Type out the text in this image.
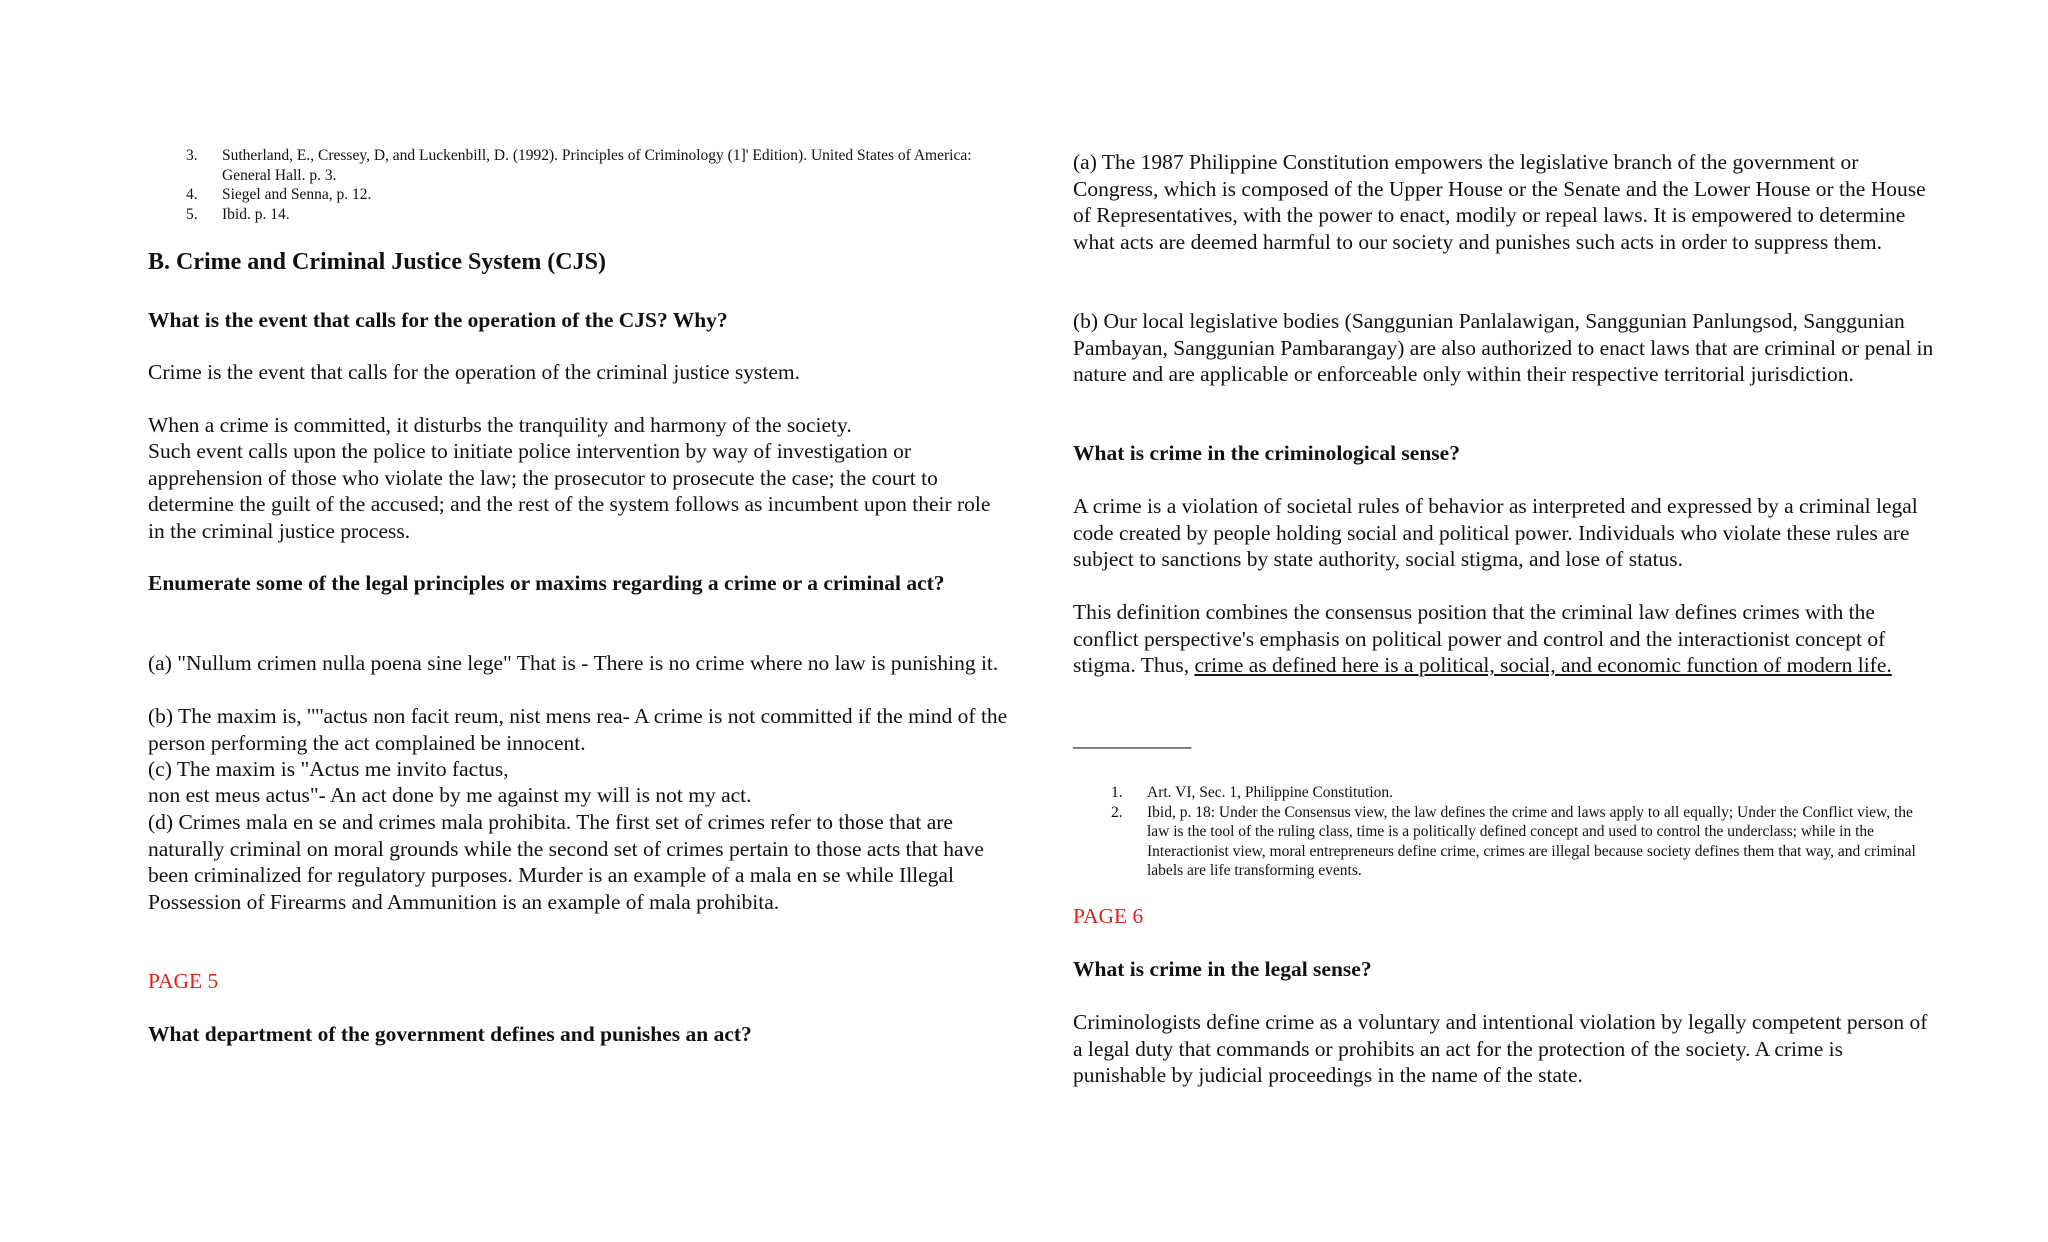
3. Sutherland, E., Cressey, D, and Luckenbill, D. (1992). Principles of Criminology (1]' Edition). United States of America: General Hall. p. 3.
4. Siegel and Senna, p. 12.
5. Ibid. p. 14.
B. Crime and Criminal Justice System (CJS)

What is the event that calls for the operation of the CJS? Why?

Crime is the event that calls for the operation of the criminal justice system.

When a crime is committed, it disturbs the tranquility and harmony of the society.

Such event calls upon the police to initiate police intervention by way of investigation or apprehension of those who violate the law; the prosecutor to prosecute the case; the court to determine the guilt of the accused; and the rest of the system follows as incumbent upon their role in the criminal justice process.

Enumerate some of the legal principles or maxims regarding a crime or a criminal act?

(a) "Nullum crimen nulla poena sine lege" That is - There is no crime where no law is punishing it.

(b) The maxim is, '"'actus non facit reum, nist mens rea- A crime is not committed if the mind of the person performing the act complained be innocent.

(c) The maxim is "Actus me invito factus,

non est meus actus"- An act done by me against my will is not my act.

(d) Crimes mala en se and crimes mala prohibita. The first set of crimes refer to those that are naturally criminal on moral grounds while the second set of crimes pertain to those acts that have been criminalized for regulatory purposes. Murder is an example of a mala en se while Illegal Possession of Firearms and Ammunition is an example of mala prohibita.

PAGE 5

What department of the government defines and punishes an act?

(a) The 1987 Philippine Constitution empowers the legislative branch of the government or Congress, which is composed of the Upper House or the Senate and the Lower House or the House of Representatives, with the power to enact, modily or repeal laws. It is empowered to determine what acts are deemed harmful to our society and punishes such acts in order to suppress them.

(b) Our local legislative bodies (Sanggunian Panlalawigan, Sanggunian Panlungsod, Sanggunian Pambayan, Sanggunian Pambarangay) are also authorized to enact laws that are criminal or penal in nature and are applicable or enforceable only within their respective territorial jurisdiction.

What is crime in the criminological sense?

A crime is a violation of societal rules of behavior as interpreted and expressed by a criminal legal code created by people holding social and political power. Individuals who violate these rules are subject to sanctions by state authority, social stigma, and lose of status.

This definition combines the consensus position that the criminal law defines crimes with the conflict perspective's emphasis on political power and control and the interactionist concept of stigma. Thus, crime as defined here is a political, social, and economic function of modern life.

___________

1. Art. VI, Sec. 1, Philippine Constitution.
2. Ibid, p. 18: Under the Consensus view, the law defines the crime and laws apply to all equally; Under the Conflict view, the law is the tool of the ruling class, time is a politically defined concept and used to control the underclass; while in the Interactionist view, moral entrepreneurs define crime, crimes are illegal because society defines them that way, and criminal labels are life transforming events.

PAGE 6

What is crime in the legal sense?

Criminologists define crime as a voluntary and intentional violation by legally competent person of a legal duty that commands or prohibits an act for the protection of the society. A crime is punishable by judicial proceedings in the name of the state.
